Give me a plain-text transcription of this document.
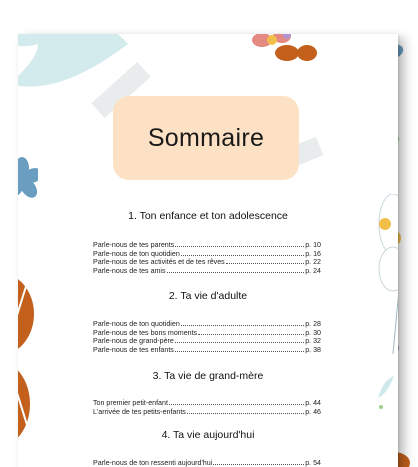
Sommaire
1. Ton enfance et ton adolescence
Parle-nous de tes parents	p. 10
Parle-nous de ton quotidien	p. 16
Parle-nous de tes activités et de tes rêves	p. 22
Parle-nous de tes amis	p. 24
2. Ta vie d'adulte
Parle-nous de ton quotidien	p. 28
Parle-nous de tes bons moments	p. 30
Parle-nous de grand-père	p. 32
Parle-nous de tes enfants	p. 38
3. Ta vie de grand-mère
Ton premier petit-enfant	p. 44
L'arrivée de tes petits-enfants	p. 46
4. Ta vie aujourd'hui
Parle-nous de ton ressenti aujourd'hui	p. 54
